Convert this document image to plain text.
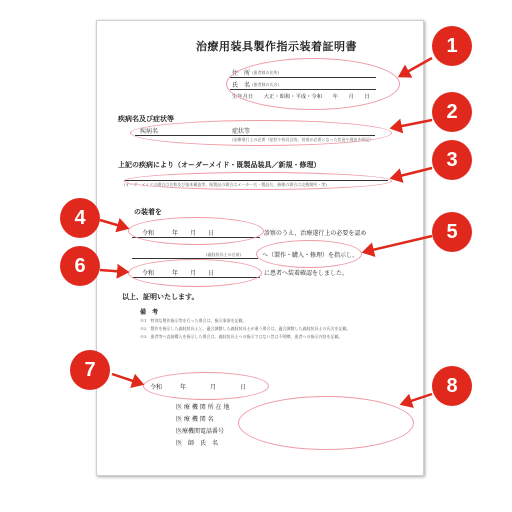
治療用装具製作指示装着証明書
住　所 (患者様の住所)
氏　名 (患者様の氏名)
生年月日　　大正・昭和・平成・令和　　年　　月　　日
疾病名及び症状等
疾病名	症状等
(治療遂行上の必要（症状や装具目的、装着が必要となった状況や理由を明記）
上記の疾病により（オーダーメイド・既製品装具／新規・修理）
(オーダーメイドの場合は名称及び基本構造等、既製品の場合はメーカー名・製品名、修理の場合は交換箇所・等)
の装着を
令和　　　年　　月　　日	診察のうえ、治療遂行上の必要を認め
(義肢装具士の名前)	へ（製作・購入・修理）を指示し、
令和　　　年　　月　　日	に患者へ装着確認をしました。
以上、証明いたします。
備　考
※1　特別な製作指示等を行った場合は、指示事項を記載。
※2　製作を指示した義肢装具士と、適合調整した義肢装具士が違う場合は、適合調整した義肢装具士の氏名を記載。
※3　患者等へ直接購入を指示した場合は、義肢装具士への指示ではない旨は不明瞭、患者への指示内容を記載。
令和　　　年　　　　月　　　　日
医 療 機 関 所 在 地
医 療 機 関 名
医療機関電話番号
医　師　氏　名
1
2
3
4
5
6
7
8
